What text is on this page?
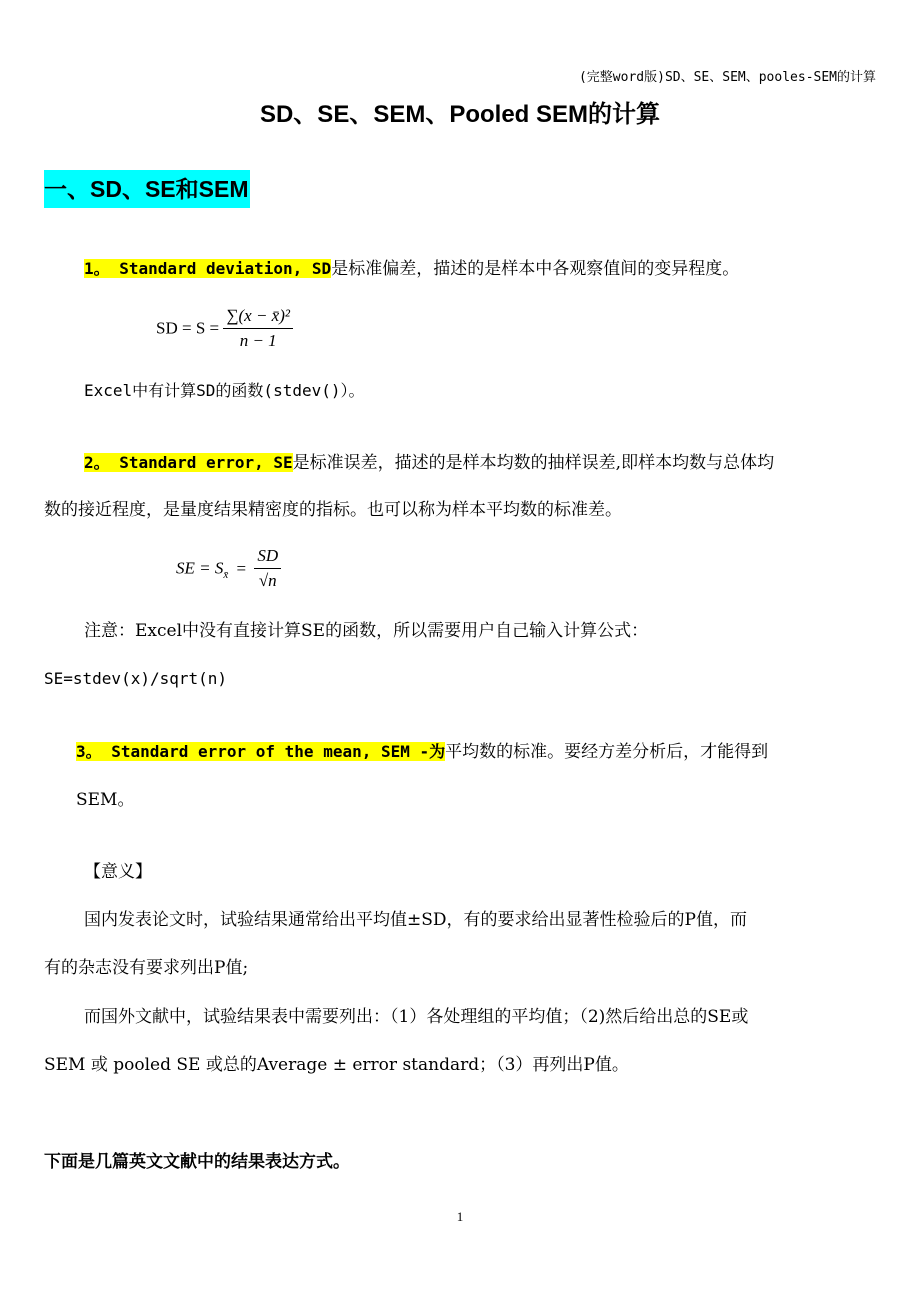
(完整word版)SD、SE、SEM、pooles-SEM的计算
SD、SE、SEM、Pooled SEM的计算
一、SD、SE和SEM
1。 Standard deviation, SD是标准偏差，描述的是样本中各观察值间的变异程度。
SD = $S = \frac{\text{∑(x − x̄)²}}{n - 1}$
Excel中有计算SD的函数(stdev()）。
2。 Standard error, SE是标准误差，描述的是样本均数的抽样误差,即样本均数与总体均
数的接近程度，是量度结果精密度的指标。也可以称为样本平均数的标准差。
SE = $S_{x̄} = \frac{SD}{√n}$
注意：Excel中没有直接计算SE的函数，所以需要用户自己输入计算公式：
SE=stdev(x)/sqrt(n)
3。 Standard error of the mean, SEM -为平均数的标准。要经方差分析后，才能得到
SEM。
【意义】
国内发表论文时，试验结果通常给出平均值±SD，有的要求给出显著性检验后的P值，而
有的杂志没有要求列出P值;
而国外文献中，试验结果表中需要列出：（1）各处理组的平均值；（2)然后给出总的SE或
SEM 或 pooled SE 或总的Average ± error standard；（3）再列出P值。
下面是几篇英文文献中的结果表达方式。
1
